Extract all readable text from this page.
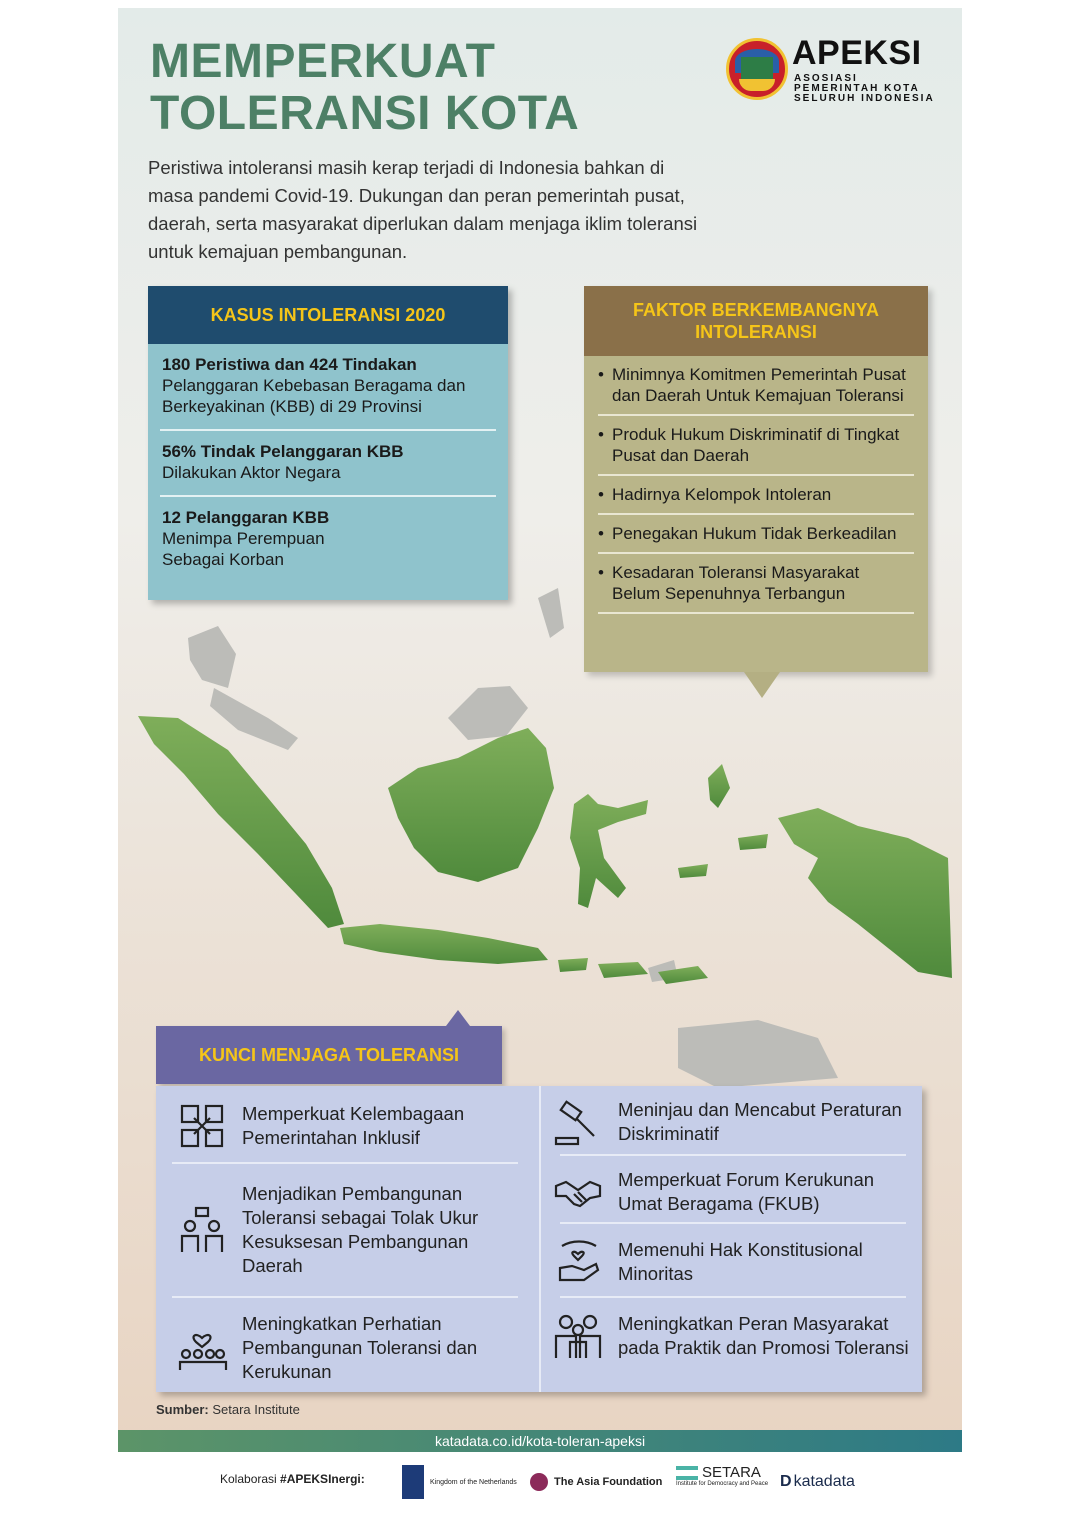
MEMPERKUAT
TOLERANSI KOTA
APEKSI
ASOSIASI
PEMERINTAH KOTA
SELURUH INDONESIA
Peristiwa intoleransi masih kerap terjadi di Indonesia bahkan di masa pandemi Covid-19. Dukungan dan peran pemerintah pusat, daerah, serta masyarakat diperlukan dalam menjaga iklim toleransi untuk kemajuan pembangunan.
KASUS INTOLERANSI 2020
180 Peristiwa dan 424 Tindakan
Pelanggaran Kebebasan Beragama dan Berkeyakinan (KBB) di 29 Provinsi
56% Tindak Pelanggaran KBB
Dilakukan Aktor Negara
12 Pelanggaran KBB
Menimpa Perempuan Sebagai Korban
FAKTOR BERKEMBANGNYA
INTOLERANSI
• Minimnya Komitmen Pemerintah Pusat dan Daerah Untuk Kemajuan Toleransi
• Produk Hukum Diskriminatif di Tingkat Pusat dan Daerah
• Hadirnya Kelompok Intoleran
• Penegakan Hukum Tidak Berkeadilan
• Kesadaran Toleransi Masyarakat Belum Sepenuhnya Terbangun
KUNCI MENJAGA TOLERANSI
Memperkuat Kelembagaan Pemerintahan Inklusif
Menjadikan Pembangunan Toleransi sebagai Tolak Ukur Kesuksesan Pembangunan Daerah
Meningkatkan Perhatian Pembangunan Toleransi dan Kerukunan
Meninjau dan Mencabut Peraturan Diskriminatif
Memperkuat Forum Kerukunan Umat Beragama (FKUB)
Memenuhi Hak Konstitusional Minoritas
Meningkatkan Peran Masyarakat pada Praktik dan Promosi Toleransi
Sumber: Setara Institute
katadata.co.id/kota-toleran-apeksi
Kolaborasi #APEKSInergi:	Kingdom of the Netherlands	The Asia Foundation
SETARA
Institute for Democracy and Peace D katadata
